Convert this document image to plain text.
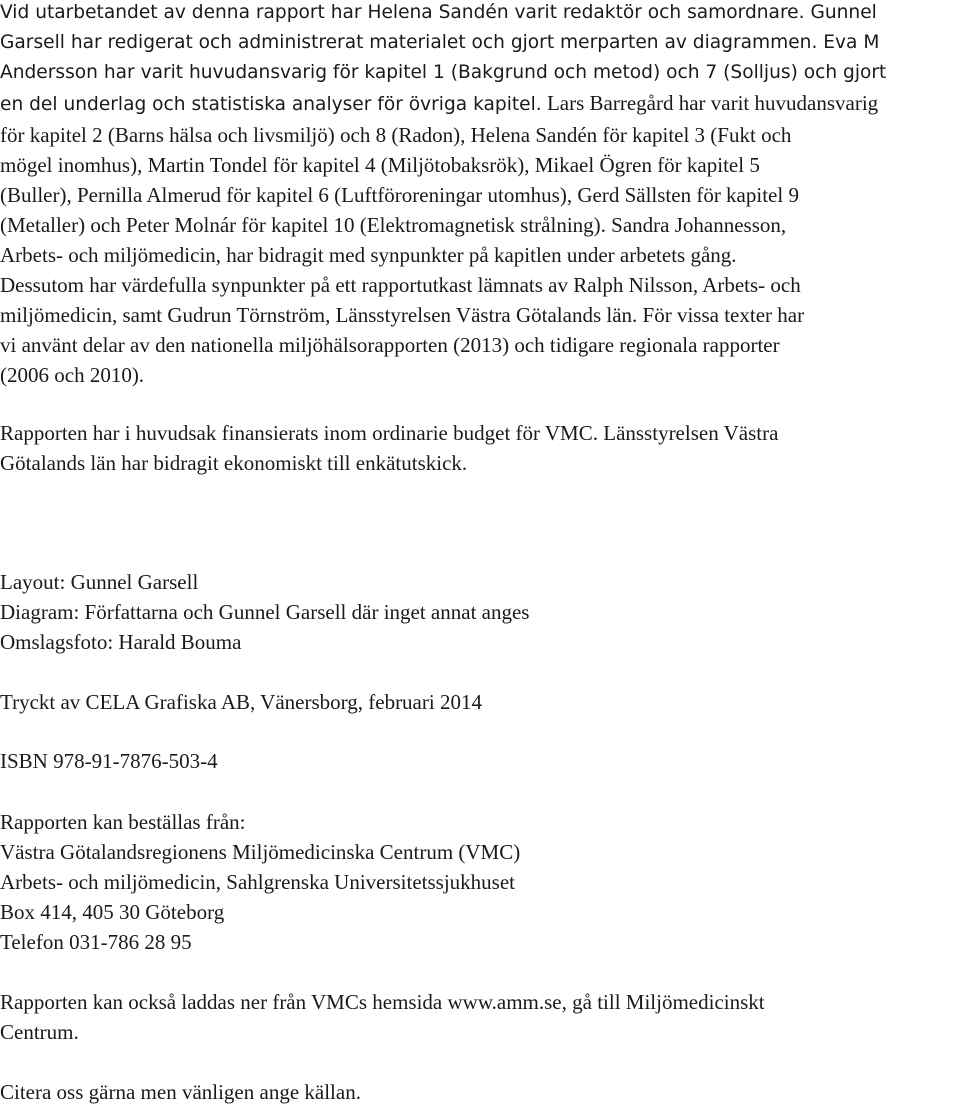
Vid utarbetandet av denna rapport har Helena Sandén varit redaktör och samordnare. Gunnel
Garsell har redigerat och administrerat materialet och gjort merparten av diagrammen. Eva M
Andersson har varit huvudansvarig för kapitel 1 (Bakgrund och metod) och 7 (Solljus) och gjort
en del underlag och statistiska analyser för övriga kapitel. Lars Barregård har varit huvudansvarig
för kapitel 2 (Barns hälsa och livsmiljö) och 8 (Radon), Helena Sandén för kapitel 3 (Fukt och
mögel inomhus), Martin Tondel för kapitel 4 (Miljötobaksrök), Mikael Ögren för kapitel 5
(Buller), Pernilla Almerud för kapitel 6 (Luftföroreningar utomhus), Gerd Sällsten för kapitel 9
(Metaller) och Peter Molnár för kapitel 10 (Elektromagnetisk strålning). Sandra Johannesson,
Arbets- och miljömedicin, har bidragit med synpunkter på kapitlen under arbetets gång.
Dessutom har värdefulla synpunkter på ett rapportutkast lämnats av Ralph Nilsson, Arbets- och
miljömedicin, samt Gudrun Törnström, Länsstyrelsen Västra Götalands län. För vissa texter har
vi använt delar av den nationella miljöhälsorapporten (2013) och tidigare regionala rapporter
(2006 och 2010).
Rapporten har i huvudsak finansierats inom ordinarie budget för VMC. Länsstyrelsen Västra
Götalands län har bidragit ekonomiskt till enkätutskick.
Layout: Gunnel Garsell
Diagram: Författarna och Gunnel Garsell där inget annat anges
Omslagsfoto: Harald Bouma
Tryckt av CELA Grafiska AB, Vänersborg, februari 2014
ISBN 978-91-7876-503-4
Rapporten kan beställas från:
Västra Götalandsregionens Miljömedicinska Centrum (VMC)
Arbets- och miljömedicin, Sahlgrenska Universitetssjukhuset
Box 414, 405 30 Göteborg
Telefon 031-786 28 95
Rapporten kan också laddas ner från VMCs hemsida www.amm.se, gå till Miljömedicinskt
Centrum.
Citera oss gärna men vänligen ange källan.
